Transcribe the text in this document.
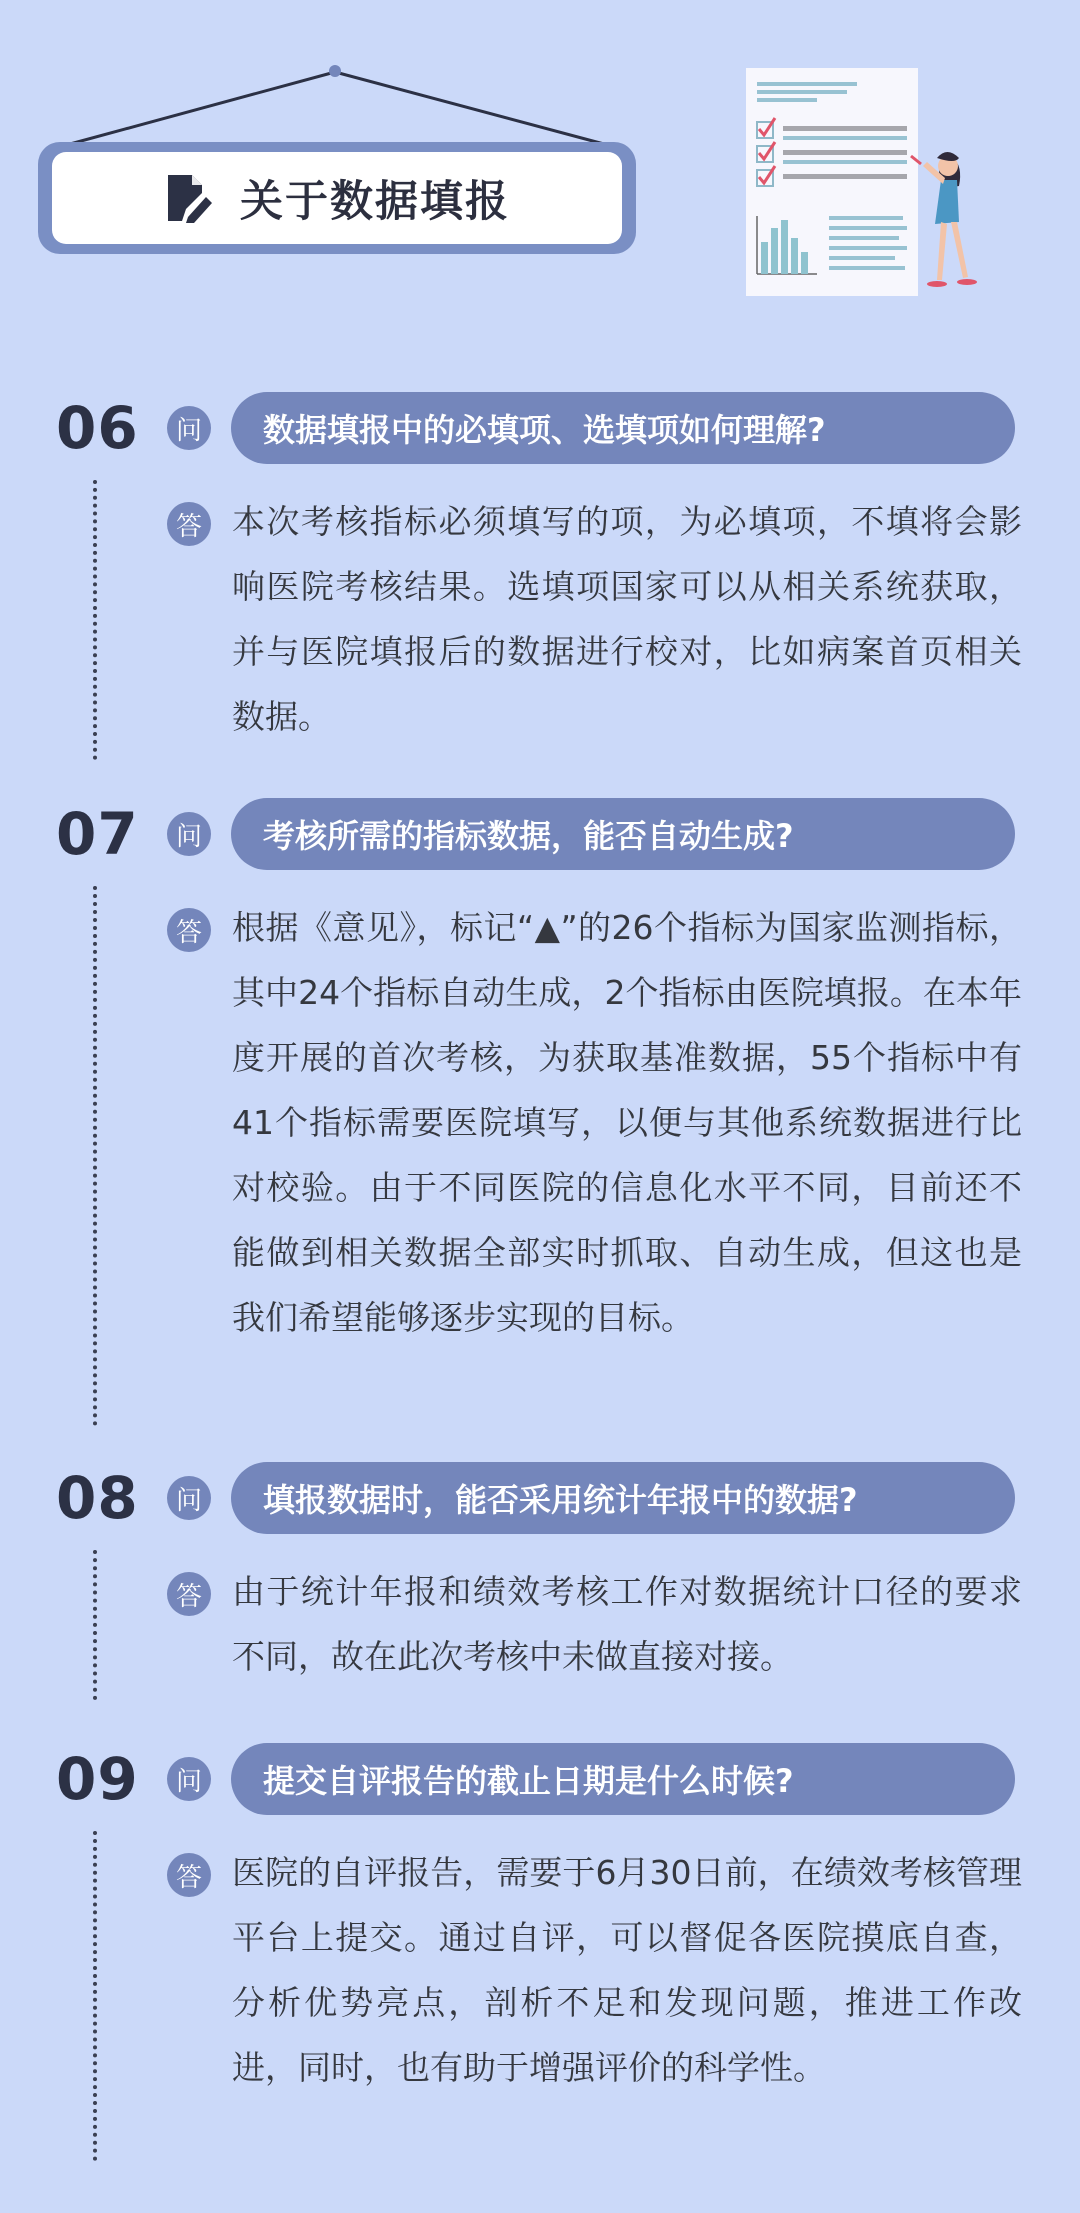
关于数据填报
06	问	数据填报中的必填项、选填项如何理解?
答 本次考核指标必须填写的项，为必填项，不填将会影响医院考核结果。选填项国家可以从相关系统获取，并与医院填报后的数据进行校对，比如病案首页相关数据。
07	问	考核所需的指标数据，能否自动生成?
答 根据《意见》，标记“▲”的26个指标为国家监测指标，其中24个指标自动生成，2个指标由医院填报。在本年度开展的首次考核，为获取基准数据，55个指标中有41个指标需要医院填写，以便与其他系统数据进行比对校验。由于不同医院的信息化水平不同，目前还不能做到相关数据全部实时抓取、自动生成，但这也是我们希望能够逐步实现的目标。
08	问	填报数据时，能否采用统计年报中的数据?
答 由于统计年报和绩效考核工作对数据统计口径的要求不同，故在此次考核中未做直接对接。
09	问	提交自评报告的截止日期是什么时候?
答 医院的自评报告，需要于6月30日前，在绩效考核管理平台上提交。通过自评，可以督促各医院摸底自查，分析优势亮点，剖析不足和发现问题，推进工作改进，同时，也有助于增强评价的科学性。
